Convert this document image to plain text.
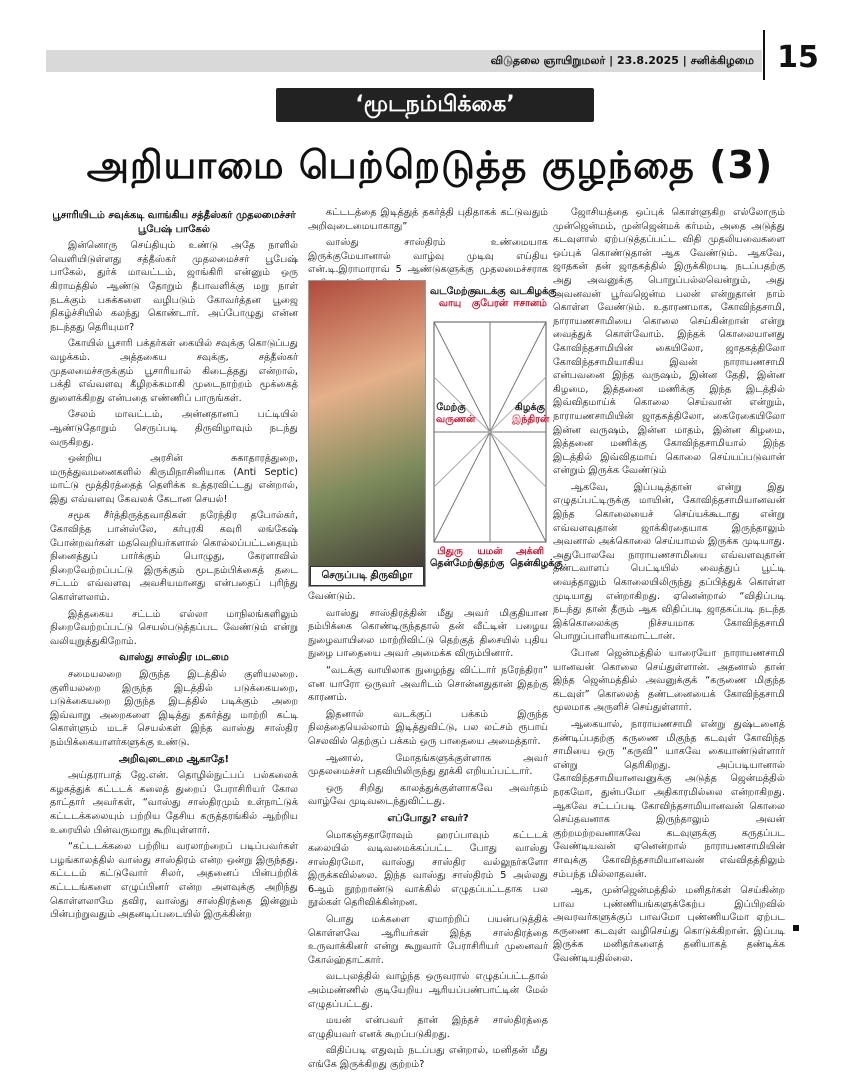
விடுதலை ஞாயிறுமலர் | 23.8.2025 | சனிக்கிழமை 15
‘மூடநம்பிக்கை’
அறியாமை பெற்றெடுத்த குழந்தை (3)
பூசாரியிடம் சவுக்கடி வாங்கிய சத்தீஸ்கர் முதலமைச்சர் பூபேஷ் பாகேல்

இன்னொரு செய்தியும் உண்டு அதே நாளில் வெளியிடுள்ளது சத்தீஸ்கர் முதலமைச்சர் பூபேஷ் பாகேல், துர்க் மாவட்டம், ஜாங்கிரி என்னும் ஒரு கிராமத்தில் ஆண்டு தோறும் தீபாவளிக்கு மறு நாள் நடக்கும் பசுக்களை வழிபடும் கோவர்த்தன பூஜை நிகழ்ச்சியில் கலந்து கொண்டார். அப்போழுது என்ன நடந்தது தெரியுமா?

கோயில் பூசாரி பக்தர்கள் கையில் சவுக்கு கொடுப்பது வழக்கம். அத்தகைய சவுக்கு, சத்தீஸ்கர் முதலமைச்சருக்கும் பூசாரியால் கிடைத்தது என்றால், பக்தி எவ்வளவு கீழிறக்கமாகி முடைநாற்றம் மூக்கைத் துளைக்கிறது என்பதை எண்ணிப் பாருங்கள்.

சேலம் மாவட்டம், அன்னதானப் பட்டியில் ஆண்டுதோறும் செருப்படி திருவிழாவும் நடந்து வருகிறது.

ஒன்றிய அரசின் சுகாதாரத்துறை, மருத்துவமனைகளில் கிருமிநாசினியாக (Anti Septic) மாட்டு மூத்திரத்தைத் தெளிக்க உத்தரவிட்டது என்றால், இது எவ்வளவு கேவலக் கேடான செயல்!

சமூக சீர்த்திருத்தவாதிகள் நரேந்திர தபோல்கர், கோவிந்த பான்ஸ்லே, கர்புரகி கவுரி லங்கேஷ் போன்றவர்கள் மதவெறியர்களால் கொல்லப்பட்டதையும் நினைத்துப் பார்க்கும் பொழுது, கேரளாவில் நிறைவேற்றப்பட்டு இருக்கும் மூடநம்பிக்கைத் தடை சட்டம் எவ்வளவு அவசியமானது என்பதைப் புரிந்து கொள்ளலாம்.

இத்தகைய சட்டம் எல்லா மாநிலங்களிலும் நிறைவேற்றப்பட்டு செயல்படுத்தப்பட வேண்டும் என்று வலியுறுத்துகிறோம்.

வாஸ்து சாஸ்திர மடமை

சமையலறை இருந்த இடத்தில் குளியலறை. குளியலறை இருந்த இடத்தில் படுக்கையறை, படுக்கையறை இருந்த இடத்தில் படிக்கும் அறை இவ்வாறு அறைகளை இடித்து தகர்த்து மாற்றி கட்டி கொள்ளும் மடச் செயல்கள் இந்த வாஸ்து சாஸ்திர நம்பிக்கையாளர்களுக்கு உண்டு.

அறிவுடைமை ஆகாதே!

அய்தராபாத் ஜே.என். தொழில்நுட்பப் பல்கலைக் கழகத்துக் கட்டடக் கலைத் துறைப் பேராசிரியர் கோல தாட்தார் அவர்கள், “வாஸ்து சாஸ்திரமும் உள்நாட்டுக் கட்டடக்கலையும் பற்றிய தேசிய கருத்தரங்கில் ஆற்றிய உரையில் பின்வருமாறு கூறியுள்ளார்.

“கட்டடக்கலை பற்றிய வரலாற்றைப் படிப்பவர்கள் பழங்காலத்தில் வாஸ்து சாஸ்திரம் என்ற ஒன்று இருந்தது. கட்டடம் கட்டுவோர் சிலர், அதனைப் பின்பற்றிக் கட்டடங்களை எழுப்பினர் என்ற அளவுக்கு அறிந்து கொள்ளலாமே தவிர, வாஸ்து சாஸ்திரத்தை இன்னும் பின்பற்றுவதும் அதனடிப்படையில் இருக்கின்ற

கட்டடத்தை இடித்துத் தகர்த்தி புதிதாகக் கட்டுவதும் அறிவுடைமையாகாது”

வாஸ்து சாஸ்திரம் உண்மையாக இருக்குமேயானால் வாழ்வு முடிவு எய்திய என்.டி.இராமாராவ் 5 ஆண்டுகளுக்கு முதலமைச்சராக

செருப்படி திருவிழா
வடமேற்கு
வாயு
வடக்கு
குபேரன்
வடகிழக்கு
ஈசானம்
மேற்கு
வருணன்
கிழக்கு
இந்திரன்
பிதுரு
தென்மேற்கு
யமன்
தெற்கு
அக்னி
தென்கிழக்கு

வேண்டும்.

வாஸ்து சாஸ்திரத்தின் மீது அவர் மிகுதியான நம்பிக்கை கொண்டிருந்ததால் தன் வீட்டின் பழைய நுழைவாயிலை மாற்றிவிட்டு தெற்குத் திசையில் புதிய நுழை பாதையை அவர் அமைக்க விரும்பினார்.

“வடக்கு வாயிலாக நுழைந்து விட்டார் நரேந்திரா” என யாரோ ஒருவர் அவரிடம் சொன்னதுதான் இதற்கு காரணம்.

இதனால் வடக்குப் பக்கம் இருந்த நிலத்தையெல்லாம் இடித்துவிட்டு, பல லட்சம் ரூபாய் செலவில் தெற்குப் பக்கம் ஒரு பாதையை அமைத்தார்.

ஆனால், மோதங்களுக்குள்ளாக அவர் முதலமைச்சர் பதவியிலிருந்து தூக்கி எறியப்பட்டார்.

ஒரு சிறிது காலத்துக்குள்ளாகவே அவர்தம் வாழ்வே முடிவடைந்துவிட்டது.

எப்போது? எவர்?

மொகஞ்சதாரோவும் ஹரப்பாவும் கட்டடக் கலையில் வடிவமைக்கப்பட்ட போது வாஸ்து சாஸ்திரமோ, வாஸ்து சாஸ்திர வல்லுநர்களோ இருக்கவில்லை. இந்த வாஸ்து சாஸ்திரம் 5 அல்லது 6ஆம் நூற்றாண்டு வாக்கில் எழுதப்பட்டதாக பல நூல்கள் தெரிவிக்கின்றன.

பொது மக்களை ஏமாற்றிப் பயன்படுத்திக் கொள்ளவே ஆரியர்கள் இந்த சாஸ்திரத்தை உருவாக்கினர் என்று கூறுவார் பேராசிரியர் முனைவர் கோல்ஹ்தாட்கார்.

வடபுலத்தில் வாழ்ந்த ஒருவரால் எழுதப்பட்டதால் அம்மண்ணில் குடியேறிய ஆரியப்பண்பாட்டின் மேல் எழுதப்பட்டது.

மயன் என்பவர் தான் இந்தச் சாஸ்திரத்தை எழுதியவர் எனக் கூறப்படுகிறது.

விதிப்படி எதுவும் நடப்பது என்றால், மனிதன் மீது எங்கே இருக்கிறது குற்றம்?

ஜோசியத்தை ஒப்புக் கொள்ளுகிற எல்லோரும் முன்ஜென்மம், முன்ஜென்மக் கர்மம், அதை அடுத்து கடவுளால் ஏற்படுத்தப்பட்ட விதி முதலியவைகளை ஒப்புக் கொண்டுதான் ஆக வேண்டும். ஆகவே, ஜாதகன் தன் ஜாதகத்தில் இருக்கிறபடி நடப்பதற்கு அது அவனுக்கு பொறுப்பல்லவென்றும், அது அவனவன் பூர்வஜென்ம பலன் என்றுதான் நாம் கொள்ள வேண்டும். உதாரணமாக, கோவிந்தசாமி, நாராயணசாமியை கொலை செய்கின்றான் என்று வைத்துக் கொள்வோம். இந்தக் கொலையானது கோவிந்தசாமியின் கையிலோ, ஜாதகத்திலோ கோவிந்தசாமியாகிய இவன் நாராயணசாமி என்பவனை இந்த வருஷம், இன்ன தேதி, இன்ன கிழமை, இத்தனை மணிக்கு இந்த இடத்தில் இவ்விதமாய்க் கொலை செய்வான் என்றும், நாராயணசாமியின் ஜாதகத்திலோ, கைரேகையிலோ இன்ன வருஷம், இன்ன மாதம், இன்ன கிழமை, இத்தனை மணிக்கு கோவிந்தசாமியால் இந்த இடத்தில் இவ்விதமாய் கொலை செய்யப்படுவான் என்றும் இருக்க வேண்டும்

ஆகவே, இப்படித்தான் என்று இது எழுதப்பட்டிருக்கு மாயின், கோவிந்தசாமியானவன் இந்த கொலையைச் செய்யக்கூடாது என்று எவ்வளவுதான் ஜாக்கிரதையாக இருந்தாலும் அவனால் அக்கொலை செய்யாமல் இருக்க முடியாது. அதுபோலவே நாராயணசாமியை எவ்வளவுதான் தண்டவாளப் பெட்டியில் வைத்துப் பூட்டி வைத்தாலும் கொலையிலிருந்து தப்பித்துக் கொள்ள முடியாது என்றாகிறது. ஏனென்றால் “விதிப்படி நடந்து தான் தீரும் ஆக விதிப்படி ஜாதகப்படி நடந்த இக்கொலைக்கு நிச்சயமாக கோவிந்தசாமி பொறுப்பாளியாகமாட்டான்.

போன ஜென்மத்தில் யாரையோ நாராயணசாமி யானவன் கொலை செய்துள்ளான். அதனால் தான் இந்த ஜென்மத்தில் அவனுக்குக் “கருணை மிகுந்த கடவுள்” கொலைத் தண்டனையைக் கோவிந்தசாமி மூலமாக அருளிச் செய்துள்ளார்.

ஆகையால், நாராயணசாமி என்று துஷ்டனைத் தண்டிப்பதற்கு கருணை மிகுந்த கடவுள் கோவிந்த சாமியை ஒரு “கருவி” யாகவே கையாண்டுள்ளார் என்று தெரிகிறது. அப்படியானால் கோவிந்தசாமியானவனுக்கு அடுத்த ஜென்மத்தில் நரகமோ, துன்பமோ அதிகாரமில்லை என்றாகிறது. ஆகவே சட்டப்படி கோவிந்தசாமியானவன் கொலை செய்தவனாக இருந்தாலும் அவன் குற்றமற்றவனாகவே கடவுளுக்கு கருதப்பட வேண்டியவன் ஏனென்றால் நாராயணசாமியின் சாவுக்கு கோவிந்தசாமியானவன் எவ்விதத்திலும் சம்பந்த மில்லாதவன்.

ஆக, முன்ஜென்மத்தில் மனிதர்கள் செய்கின்ற பாவ புண்ணியங்களுக்கேற்ப இப்பிறவில் அவரவர்களுக்குப் பாவமோ புண்ணியமோ ஏற்பட கருணை கடவுள் வழிசெய்து கொடுக்கிறான். இப்படி இருக்க மனிதர்களைத் தனியாகத் தண்டிக்க வேண்டியதில்லை.
